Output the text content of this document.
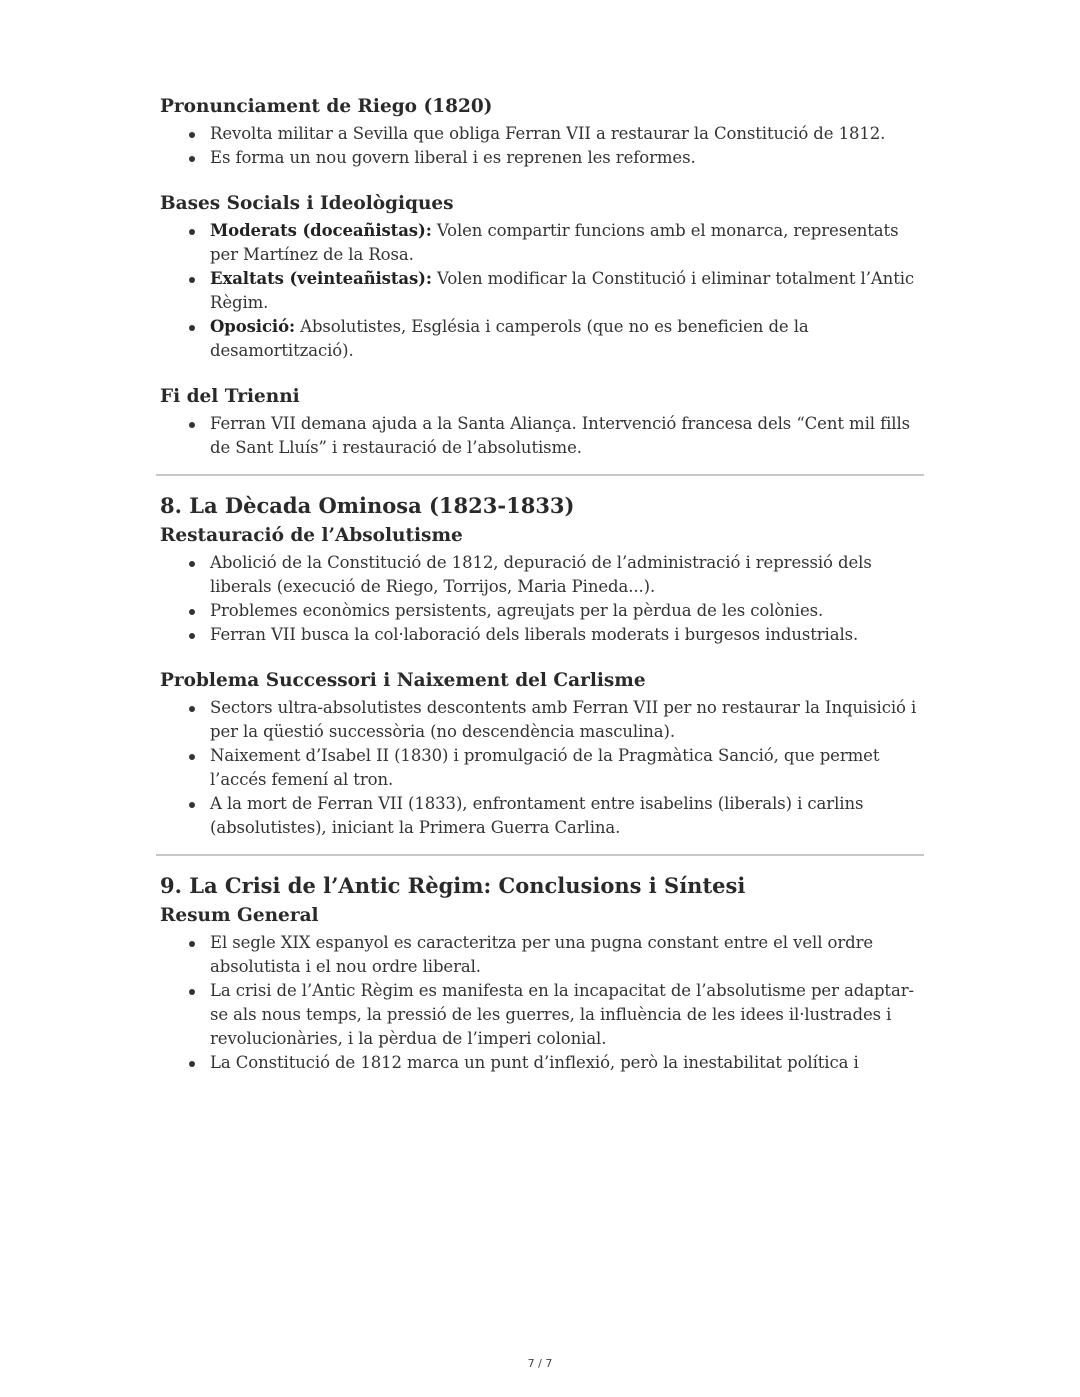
Pronunciament de Riego (1820)
Revolta militar a Sevilla que obliga Ferran VII a restaurar la Constitució de 1812.
Es forma un nou govern liberal i es reprenen les reformes.
Bases Socials i Ideològiques
Moderats (doceañistas): Volen compartir funcions amb el monarca, representats per Martínez de la Rosa.
Exaltats (veinteañistas): Volen modificar la Constitució i eliminar totalment l’Antic Règim.
Oposició: Absolutistes, Església i camperols (que no es beneficien de la desamortització).
Fi del Trienni
Ferran VII demana ajuda a la Santa Aliança. Intervenció francesa dels “Cent mil fills de Sant Lluís” i restauració de l’absolutisme.
8. La Dècada Ominosa (1823-1833)
Restauració de l’Absolutisme
Abolició de la Constitució de 1812, depuració de l’administració i repressió dels liberals (execució de Riego, Torrijos, Maria Pineda...).
Problemes econòmics persistents, agreujats per la pèrdua de les colònies.
Ferran VII busca la col·laboració dels liberals moderats i burgesos industrials.
Problema Successori i Naixement del Carlisme
Sectors ultra-absolutistes descontents amb Ferran VII per no restaurar la Inquisició i per la qüestió successòria (no descendència masculina).
Naixement d’Isabel II (1830) i promulgació de la Pragmàtica Sanció, que permet l’accés femení al tron.
A la mort de Ferran VII (1833), enfrontament entre isabelins (liberals) i carlins (absolutistes), iniciant la Primera Guerra Carlina.
9. La Crisi de l’Antic Règim: Conclusions i Síntesi
Resum General
El segle XIX espanyol es caracteritza per una pugna constant entre el vell ordre absolutista i el nou ordre liberal.
La crisi de l’Antic Règim es manifesta en la incapacitat de l’absolutisme per adaptar-se als nous temps, la pressió de les guerres, la influència de les idees il·lustrades i revolucionàries, i la pèrdua de l’imperi colonial.
La Constitució de 1812 marca un punt d’inflexió, però la inestabilitat política i
7 / 7
